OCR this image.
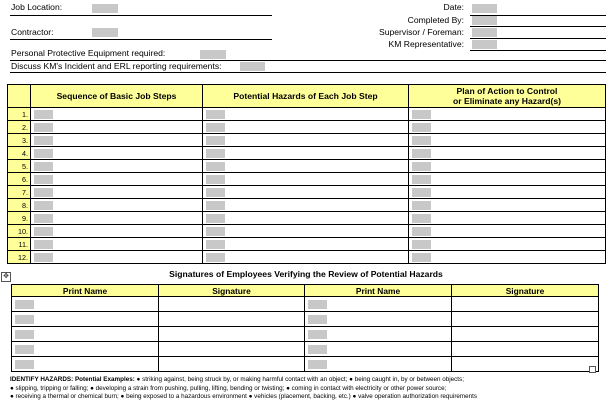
Job Location:
Contractor:
Date:
Completed By:
Supervisor / Foreman:
KM Representative:
Personal Protective Equipment required:
Discuss KM's Incident and ERL reporting requirements:
	Sequence of Basic Job Steps	Potential Hazards of Each Job Step	Plan of Action to Control
or Eliminate any Hazard(s)
1.	

2.	

3.	

4.	

5.	

6.	

7.	

8.	

9.	

10.	

11.	

12.	

✥	Signatures of Employees Verifying the Review of Potential Hazards
Print Name	Signature	Print Name	Signature

IDENTIFY HAZARDS: Potential Examples: ● striking against, being struck by, or making harmful contact with an object; ● being caught in, by or between objects;
● slipping, tripping or falling; ● developing a strain from pushing, pulling, lifting, bending or twisting; ● coming in contact with electricity or other power source;
● receiving a thermal or chemical burn; ● being exposed to a hazardous environment ● vehicles (placement, backing, etc.) ● valve operation authorization requirements
